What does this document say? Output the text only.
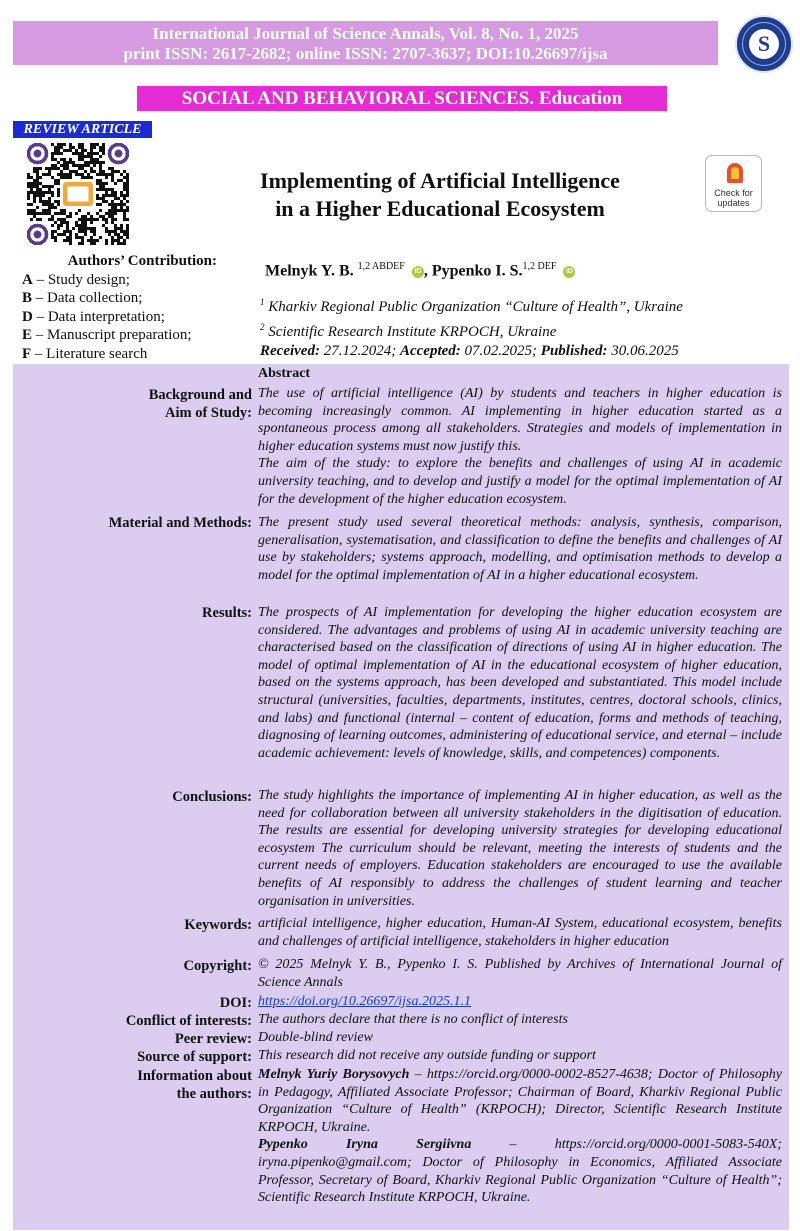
International Journal of Science Annals, Vol. 8, No. 1, 2025
print ISSN: 2617-2682; online ISSN: 2707-3637; DOI:10.26697/ijsa	S
SOCIAL AND BEHAVIORAL SCIENCES. Education
REVIEW ARTICLE
Implementing of Artificial Intelligence
in a Higher Educational Ecosystem
Check for
updates
Authors’ Contribution:
A – Study design;
B – Data collection;
D – Data interpretation;
E – Manuscript preparation;
F – Literature search
Melnyk Y. B. $^{1,2 ABDEF}$ iD , Pypenko I. S.$^{1,2 DEF}$ iD
$^1$ Kharkiv Regional Public Organization “Culture of Health”, Ukraine
$^2$ Scientific Research Institute KRPOCH, Ukraine
Received: 27.12.2024; Accepted: 07.02.2025; Published: 30.06.2025
Abstract
Background and
Aim of Study:
The use of artificial intelligence (AI) by students and teachers in higher education is becoming increasingly common. AI implementing in higher education started as a spontaneous process among all stakeholders. Strategies and models of implementation in higher education systems must now justify this.
The aim of the study: to explore the benefits and challenges of using AI in academic university teaching, and to develop and justify a model for the optimal implementation of AI for the development of the higher education ecosystem.
Material and Methods: The present study used several theoretical methods: analysis, synthesis, comparison, generalisation, systematisation, and classification to define the benefits and challenges of AI use by stakeholders; systems approach, modelling, and optimisation methods to develop a model for the optimal implementation of AI in a higher educational ecosystem.
Results: The prospects of AI implementation for developing the higher education ecosystem are considered. The advantages and problems of using AI in academic university teaching are characterised based on the classification of directions of using AI in higher education. The model of optimal implementation of AI in the educational ecosystem of higher education, based on the systems approach, has been developed and substantiated. This model include structural (universities, faculties, departments, institutes, centres, doctoral schools, clinics, and labs) and functional (internal – content of education, forms and methods of teaching, diagnosing of learning outcomes, administering of educational service, and eternal – include academic achievement: levels of knowledge, skills, and competences) components.
Conclusions: The study highlights the importance of implementing AI in higher education, as well as the need for collaboration between all university stakeholders in the digitisation of education. The results are essential for developing university strategies for developing educational ecosystem The curriculum should be relevant, meeting the interests of students and the current needs of employers. Education stakeholders are encouraged to use the available benefits of AI responsibly to address the challenges of student learning and teacher organisation in universities.
Keywords: artificial intelligence, higher education, Human-AI System, educational ecosystem, benefits and challenges of artificial intelligence, stakeholders in higher education
Copyright: © 2025 Melnyk Y. B., Pypenko I. S. Published by Archives of International Journal of Science Annals
DOI: https://doi.org/10.26697/ijsa.2025.1.1
Conflict of interests: The authors declare that there is no conflict of interests
Peer review: Double-blind review
Source of support: This research did not receive any outside funding or support
Information about
the authors:
Melnyk Yuriy Borysovych – https://orcid.org/0000-0002-8527-4638; Doctor of Philosophy in Pedagogy, Affiliated Associate Professor; Chairman of Board, Kharkiv Regional Public Organization “Culture of Health” (KRPOCH); Director, Scientific Research Institute KRPOCH, Ukraine.
Pypenko Iryna Sergiivna – https://orcid.org/0000-0001-5083-540X; iryna.pipenko@gmail.com; Doctor of Philosophy in Economics, Affiliated Associate Professor, Secretary of Board, Kharkiv Regional Public Organization “Culture of Health”; Scientific Research Institute KRPOCH, Ukraine.
